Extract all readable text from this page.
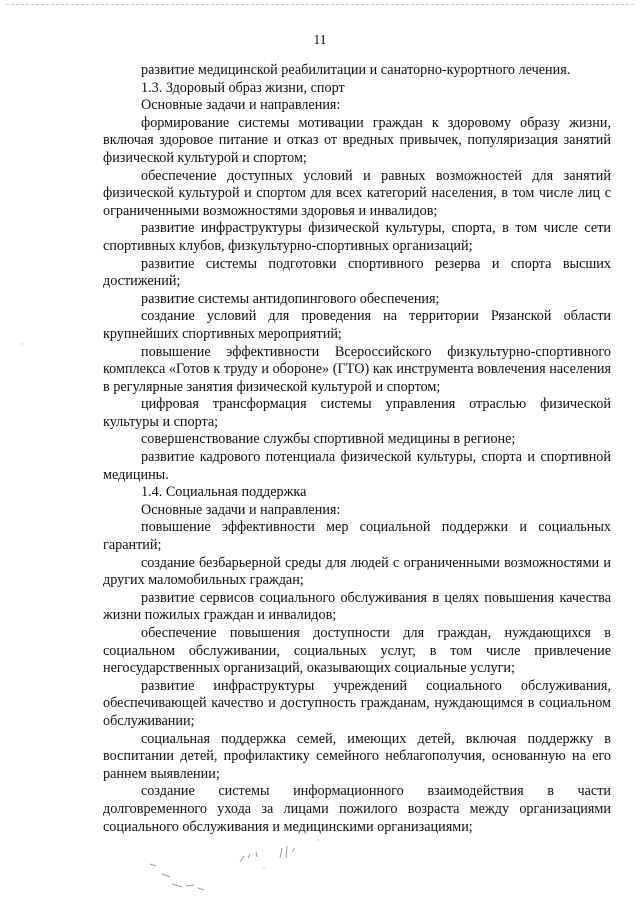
11

развитие медицинской реабилитации и санаторно-курортного лечения.

1.3. Здоровый образ жизни, спорт

Основные задачи и направления:

формирование системы мотивации граждан к здоровому образу жизни, включая здоровое питание и отказ от вредных привычек, популяризация занятий физической культурой и спортом;

обеспечение доступных условий и равных возможностей для занятий физической культурой и спортом для всех категорий населения, в том числе лиц с ограниченными возможностями здоровья и инвалидов;

развитие инфраструктуры физической культуры, спорта, в том числе сети спортивных клубов, физкультурно-спортивных организаций;

развитие системы подготовки спортивного резерва и спорта высших достижений;

развитие системы антидопингового обеспечения;

создание условий для проведения на территории Рязанской области крупнейших спортивных мероприятий;

повышение эффективности Всероссийского физкультурно-спортивного комплекса «Готов к труду и обороне» (ГТО) как инструмента вовлечения населения в регулярные занятия физической культурой и спортом;

цифровая трансформация системы управления отраслью физической культуры и спорта;

совершенствование службы спортивной медицины в регионе;

развитие кадрового потенциала физической культуры, спорта и спортивной медицины.

1.4. Социальная поддержка

Основные задачи и направления:

повышение эффективности мер социальной поддержки и социальных гарантий;

создание безбарьерной среды для людей с ограниченными возможностями и других маломобильных граждан;

развитие сервисов социального обслуживания в целях повышения качества жизни пожилых граждан и инвалидов;

обеспечение повышения доступности для граждан, нуждающихся в социальном обслуживании, социальных услуг, в том числе привлечение негосударственных организаций, оказывающих социальные услуги;

развитие инфраструктуры учреждений социального обслуживания, обеспечивающей качество и доступность гражданам, нуждающимся в социальном обслуживании;

социальная поддержка семей, имеющих детей, включая поддержку в воспитании детей, профилактику семейного неблагополучия, основанную на его раннем выявлении;

создание системы информационного взаимодействия в части долговременного ухода за лицами пожилого возраста между организациями социального обслуживания и медицинскими организациями;
